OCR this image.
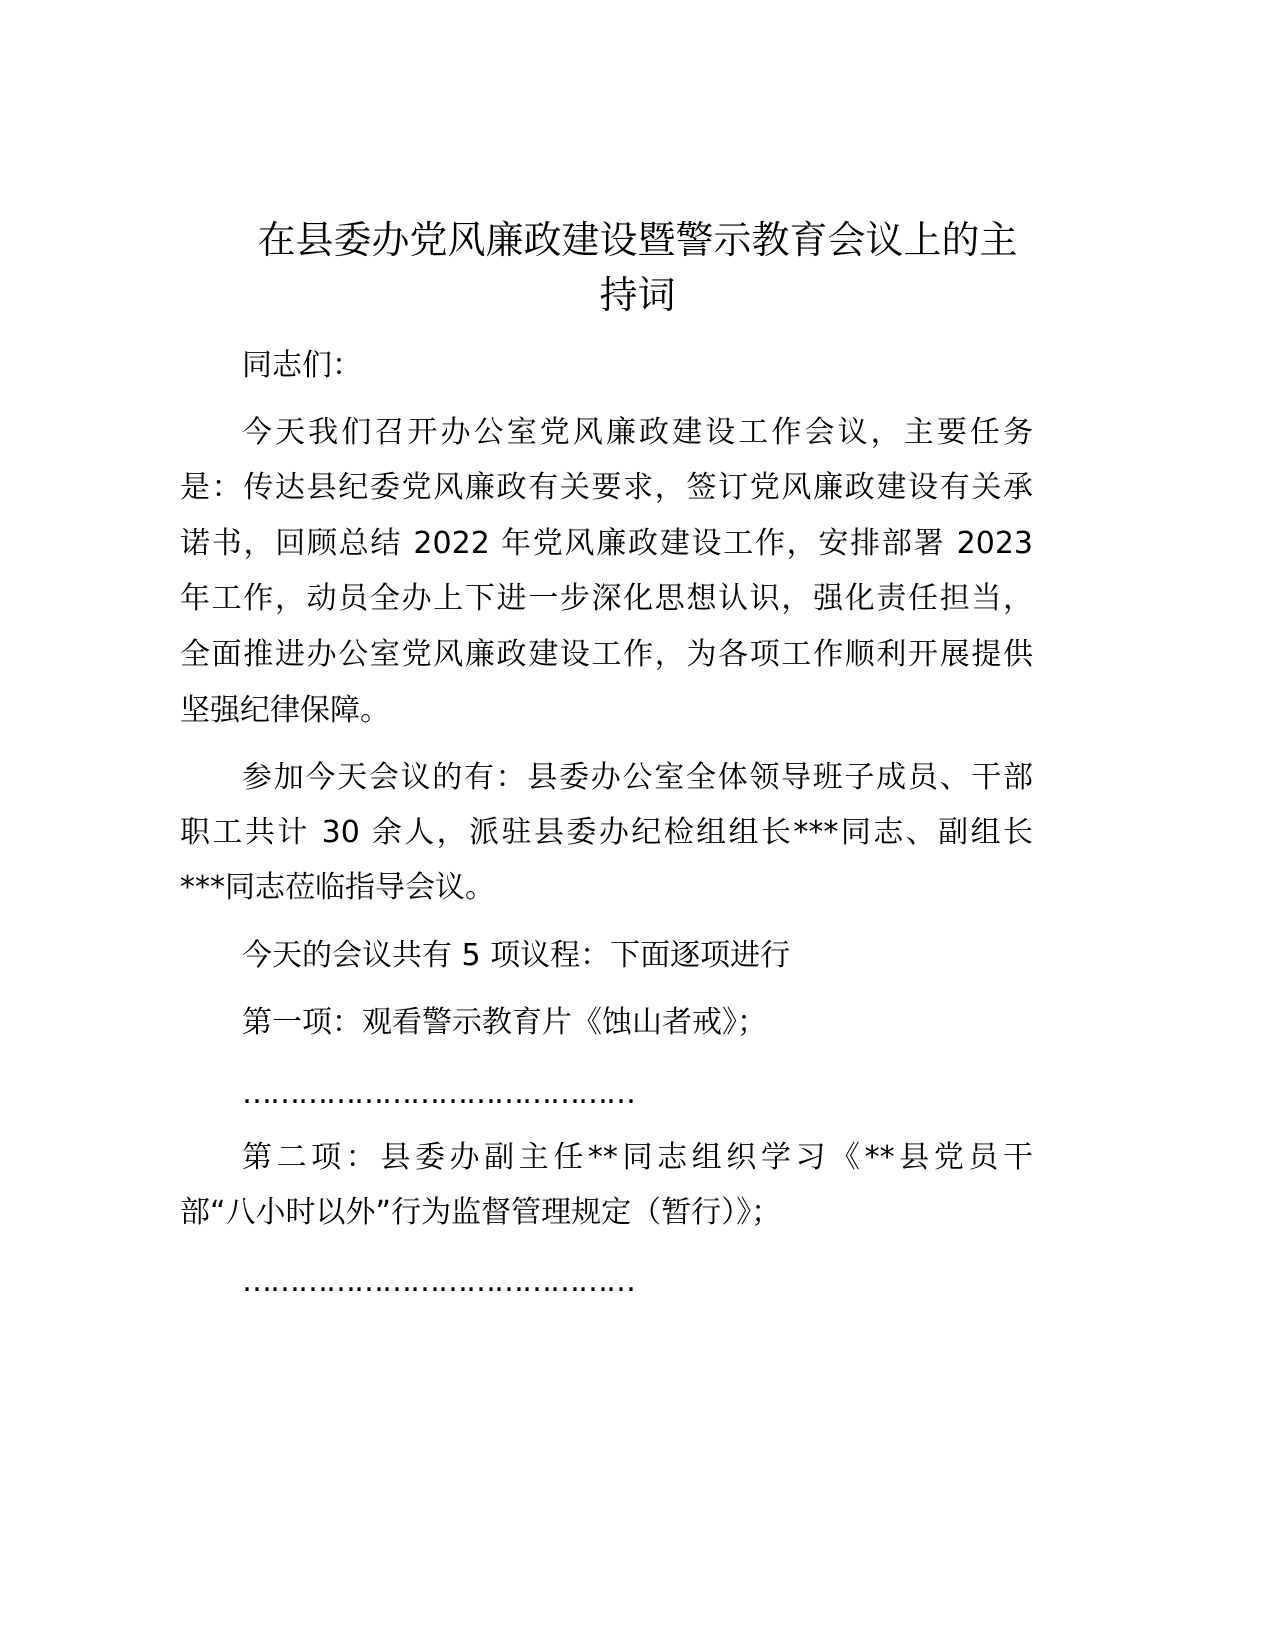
在县委办党风廉政建设暨警示教育会议上的主
持词
同志们：
今天我们召开办公室党风廉政建设工作会议，主要任务
是：传达县纪委党风廉政有关要求，签订党风廉政建设有关承
诺书，回顾总结 2022 年党风廉政建设工作，安排部署 2023
年工作，动员全办上下进一步深化思想认识，强化责任担当，
全面推进办公室党风廉政建设工作，为各项工作顺利开展提供
坚强纪律保障。
参加今天会议的有：县委办公室全体领导班子成员、干部
职工共计 30 余人，派驻县委办纪检组组长***同志、副组长
***同志莅临指导会议。
今天的会议共有 5 项议程：下面逐项进行
第一项：观看警示教育片《蚀山者戒》；
……………………………………
第二项：县委办副主任**同志组织学习《**县党员干
部“八小时以外”行为监督管理规定（暂行）》；
……………………………………
